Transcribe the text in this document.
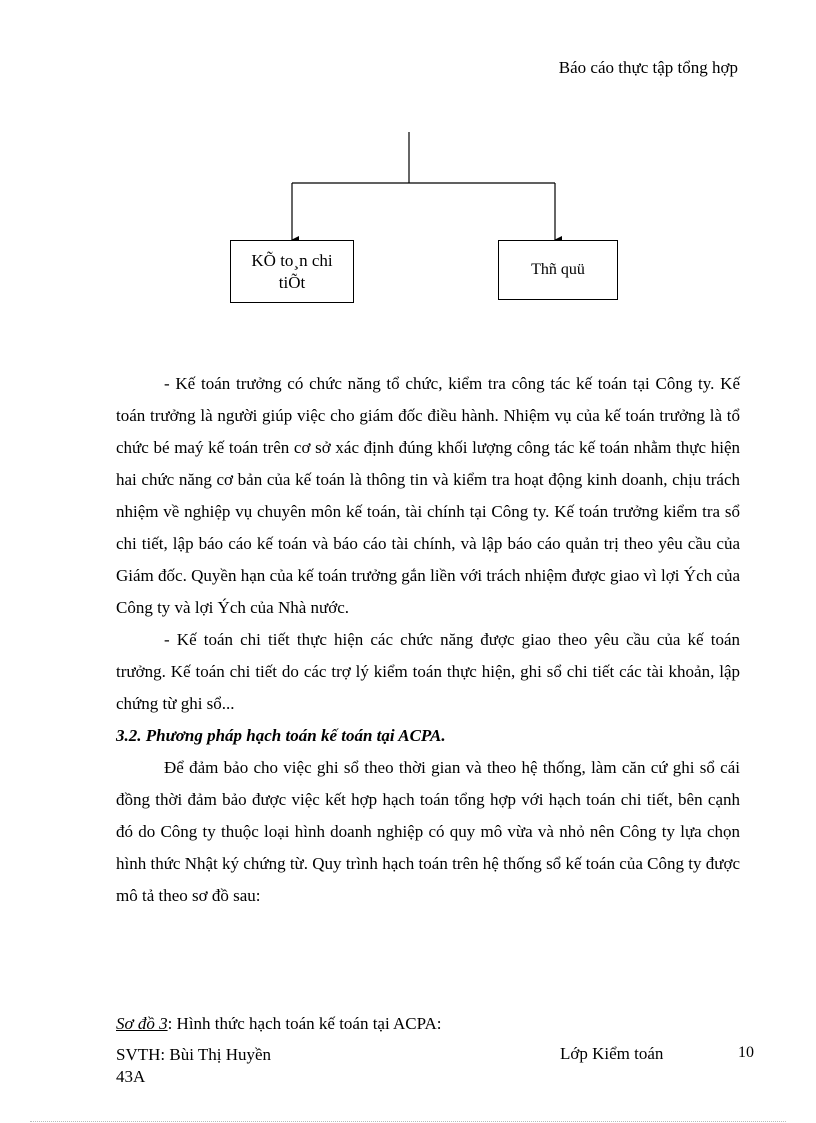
Báo cáo thực tập tổng hợp
KÕ to¸n chi
tiÕt
Thñ quü

- Kế toán trưởng có chức năng tổ chức, kiểm tra công tác kế toán tại Công ty. Kế toán trưởng là người giúp việc cho giám đốc điều hành. Nhiệm vụ của kế toán trưởng là tổ chức bé maý kế toán trên cơ sở xác định đúng khối lượng công tác kế toán nhằm thực hiện hai chức năng cơ bản của kế toán là thông tin và kiểm tra hoạt động kinh doanh, chịu trách nhiệm về nghiệp vụ chuyên môn kế toán, tài chính tại Công ty. Kế toán trưởng kiểm tra sổ chi tiết, lập báo cáo kế toán và báo cáo tài chính, và lập báo cáo quản trị theo yêu cầu của Giám đốc. Quyền hạn của kế toán trưởng gắn liền với trách nhiệm được giao vì lợi Ých của Công ty và lợi Ých của Nhà nước.

- Kế toán chi tiết thực hiện các chức năng được giao theo yêu cầu của kế toán trưởng. Kế toán chi tiết do các trợ lý kiểm toán thực hiện, ghi sổ chi tiết các tài khoản, lập chứng từ ghi sổ...

3.2. Phương pháp hạch toán kế toán tại ACPA.

Để đảm bảo cho việc ghi sổ theo thời gian và theo hệ thống, làm căn cứ ghi sổ cái đồng thời đảm bảo được việc kết hợp hạch toán tổng hợp với hạch toán chi tiết, bên cạnh đó do Công ty thuộc loại hình doanh nghiệp có quy mô vừa và nhỏ nên Công ty lựa chọn hình thức Nhật ký chứng từ. Quy trình hạch toán trên hệ thống sổ kế toán của Công ty được mô tả theo sơ đồ sau:

Sơ đồ 3: Hình thức hạch toán kế toán tại ACPA:
SVTH: Bùi Thị Huyền
43A
Lớp Kiểm toán	10
